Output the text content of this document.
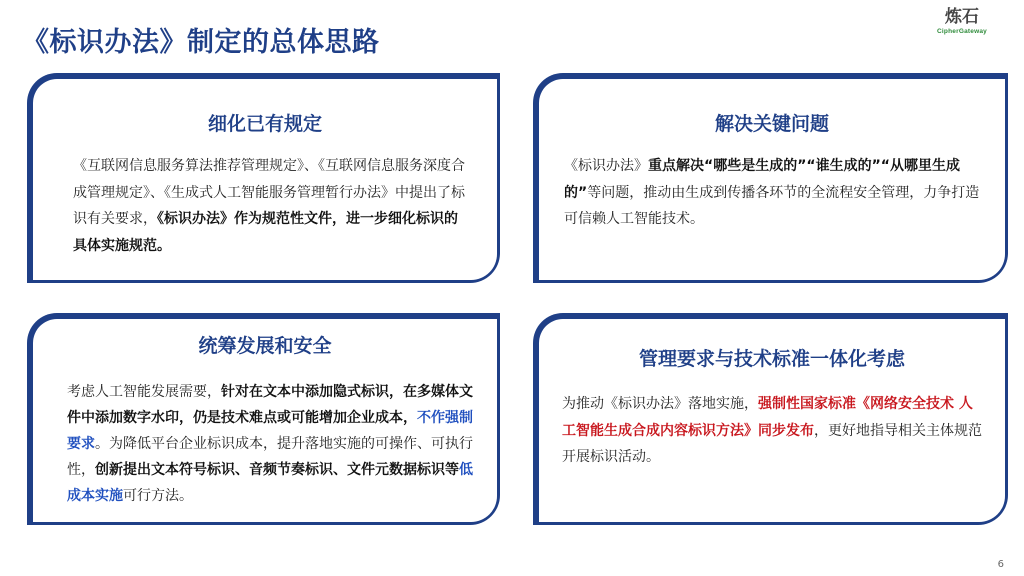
《标识办法》制定的总体思路
炼石
CipherGateway
细化已有规定
《互联网信息服务算法推荐管理规定》、《互联网信息服务深度合成管理规定》、《生成式人工智能服务管理暂行办法》中提出了标识有关要求，《标识办法》作为规范性文件，进一步细化标识的具体实施规范。
解决关键问题
《标识办法》重点解决“哪些是生成的”“谁生成的”“从哪里生成的”等问题，推动由生成到传播各环节的全流程安全管理，力争打造可信赖人工智能技术。
统筹发展和安全
考虑人工智能发展需要，针对在文本中添加隐式标识，在多媒体文件中添加数字水印，仍是技术难点或可能增加企业成本，不作强制要求。为降低平台企业标识成本，提升落地实施的可操作、可执行性，创新提出文本符号标识、音频节奏标识、文件元数据标识等低成本实施可行方法。
管理要求与技术标准一体化考虑
为推动《标识办法》落地实施，强制性国家标准《网络安全技术 人工智能生成合成内容标识方法》同步发布，更好地指导相关主体规范开展标识活动。
6
